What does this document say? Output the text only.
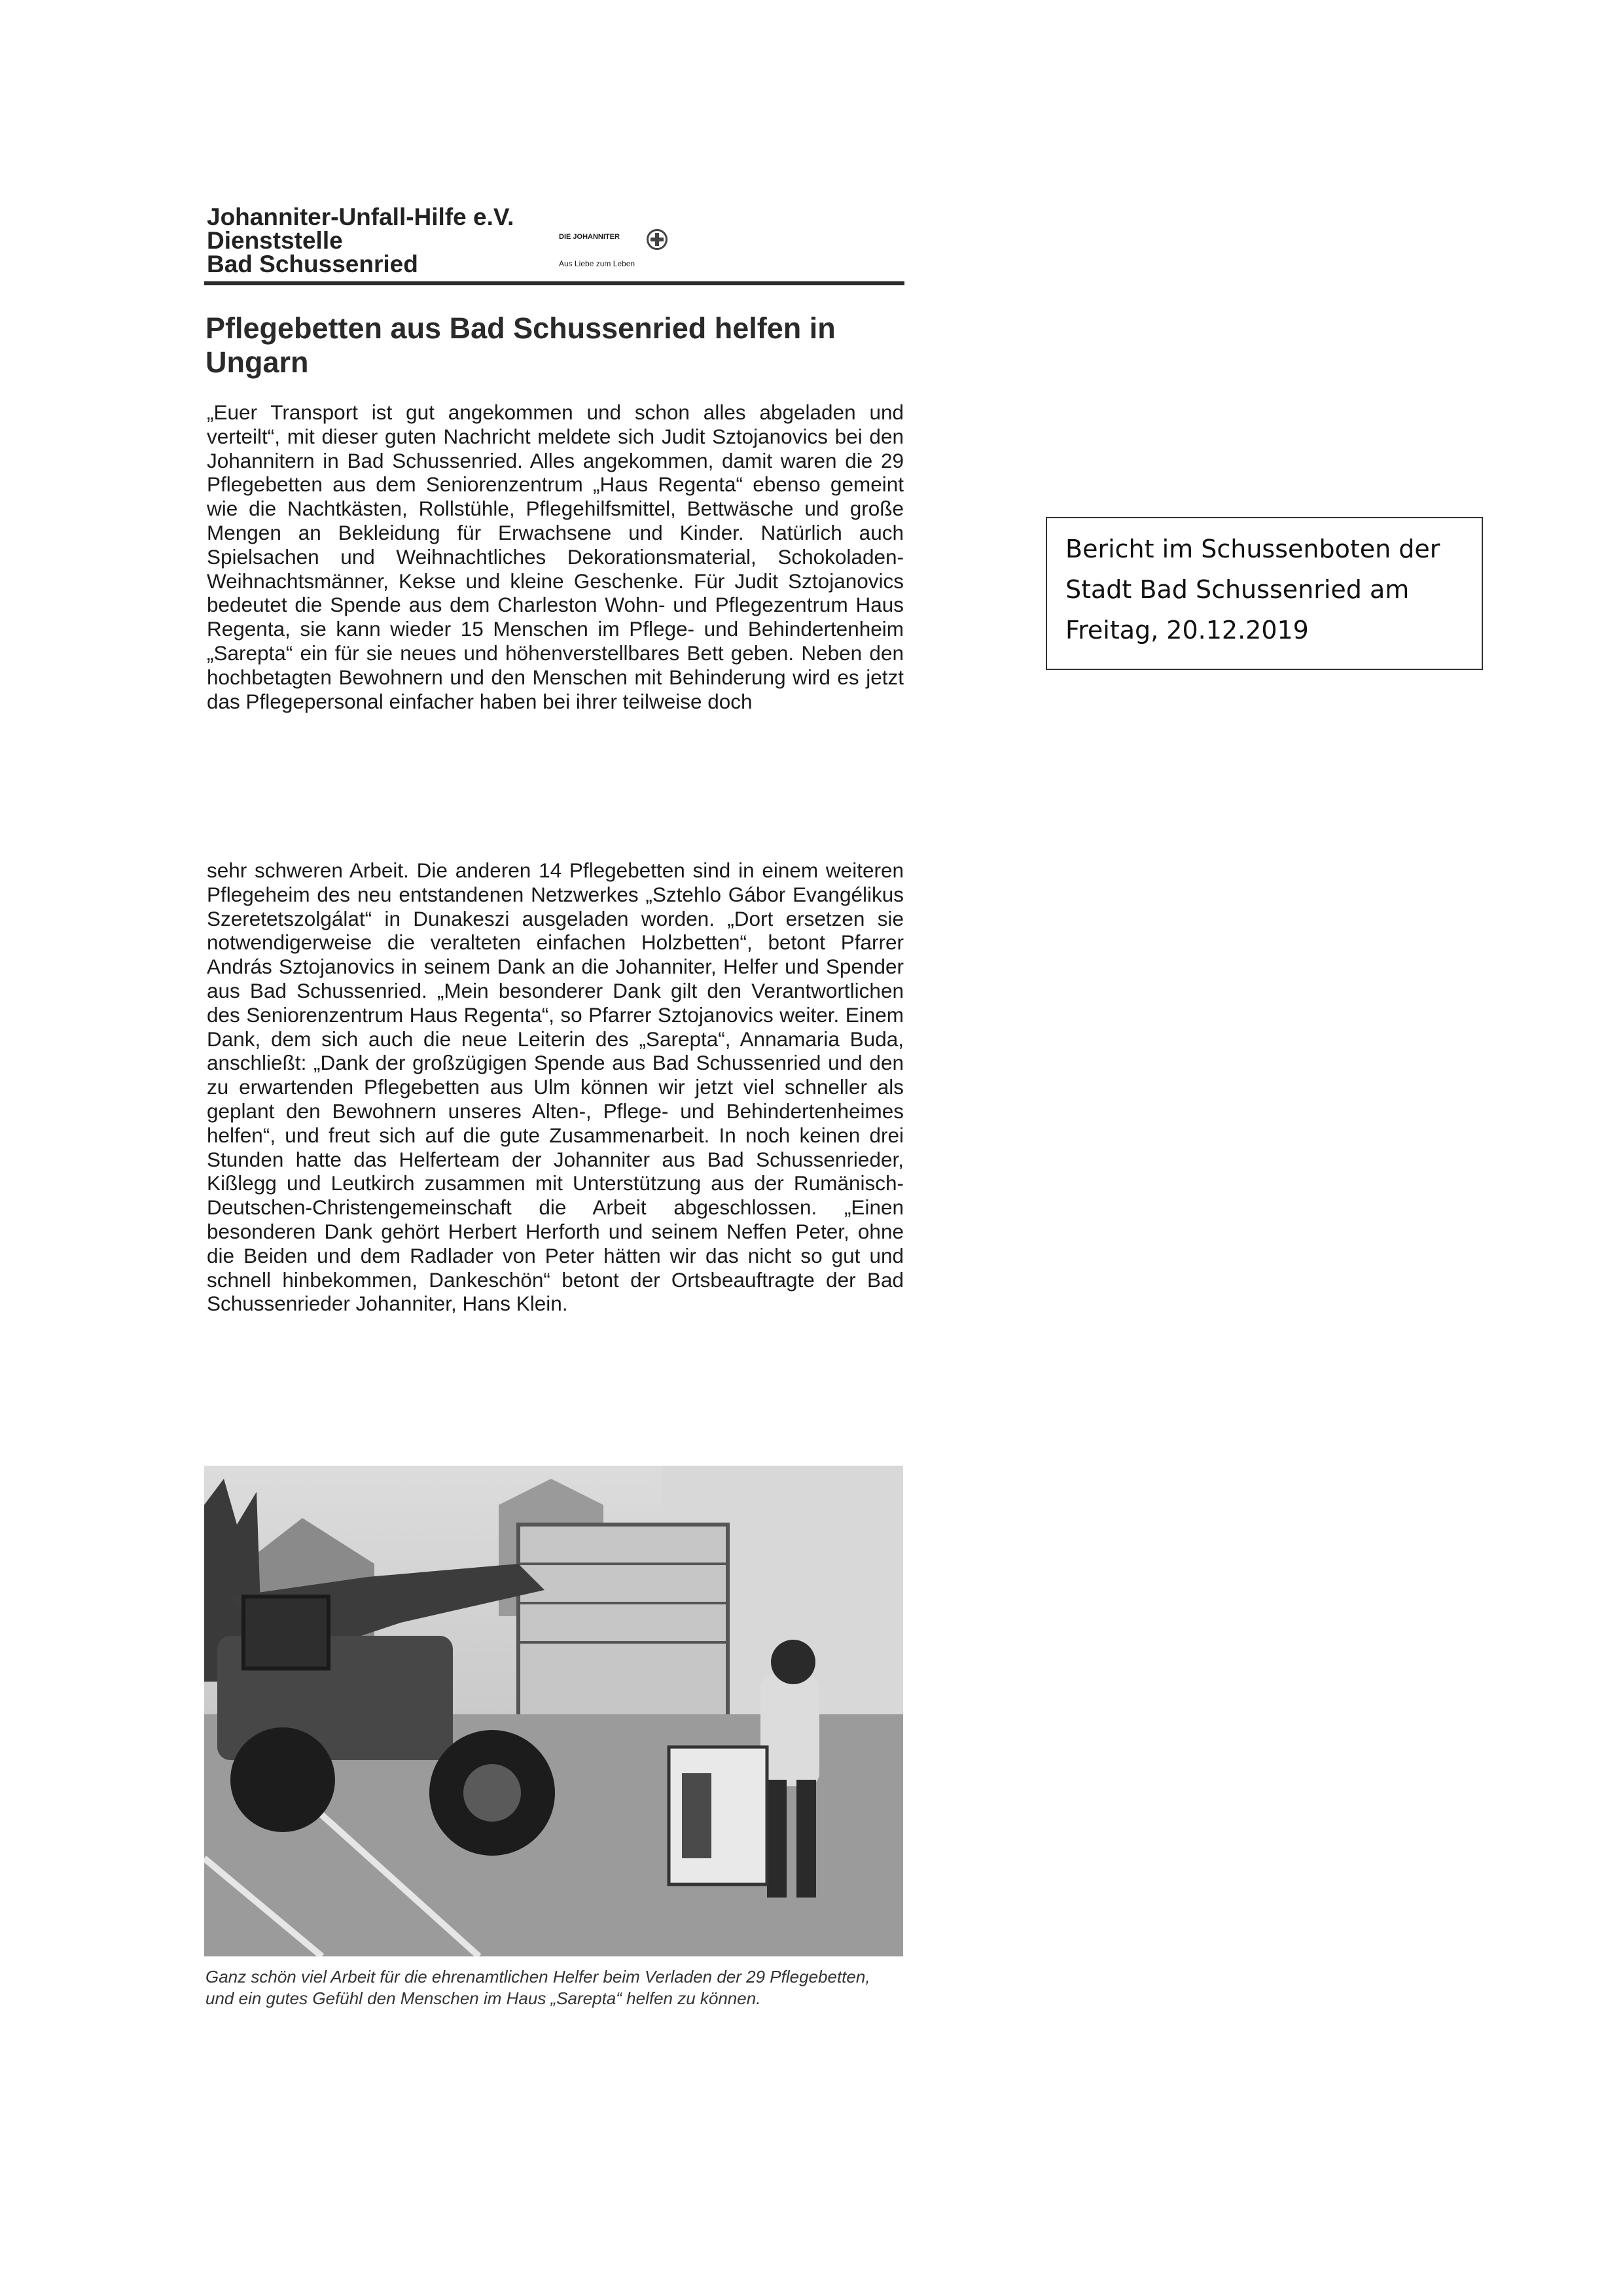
Johanniter-Unfall-Hilfe e.V.
Dienststelle
Bad Schussenried
DIE JOHANNITER
Aus Liebe zum Leben
Pflegebetten aus Bad Schussenried helfen in Ungarn

„Euer Transport ist gut angekommen und schon alles abgeladen und verteilt“, mit dieser guten Nachricht meldete sich Judit Sztojanovics bei den Johannitern in Bad Schussenried. Alles angekommen, damit waren die 29 Pflegebetten aus dem Seniorenzentrum „Haus Regenta“ ebenso gemeint wie die Nachtkästen, Rollstühle, Pflegehilfsmittel, Bettwäsche und große Mengen an Bekleidung für Erwachsene und Kinder. Natürlich auch Spielsachen und Weihnachtliches Dekorationsmaterial, Schokoladen-Weihnachtsmänner, Kekse und kleine Geschenke. Für Judit Sztojanovics bedeutet die Spende aus dem Charleston Wohn- und Pflegezentrum Haus Regenta, sie kann wieder 15 Menschen im Pflege- und Behindertenheim „Sarepta“ ein für sie neues und höhenverstellbares Bett geben. Neben den hochbetagten Bewohnern und den Menschen mit Behinderung wird es jetzt das Pflegepersonal einfacher haben bei ihrer teilweise doch

sehr schweren Arbeit. Die anderen 14 Pflegebetten sind in einem weiteren Pflegeheim des neu entstandenen Netzwerkes „Sztehlo Gábor Evangélikus Szeretetszolgálat“ in Dunakeszi ausgeladen worden. „Dort ersetzen sie notwendigerweise die veralteten einfachen Holzbetten“, betont Pfarrer András Sztojanovics in seinem Dank an die Johanniter, Helfer und Spender aus Bad Schussenried. „Mein besonderer Dank gilt den Verantwortlichen des Seniorenzentrum Haus Regenta“, so Pfarrer Sztojanovics weiter. Einem Dank, dem sich auch die neue Leiterin des „Sarepta“, Annamaria Buda, anschließt: „Dank der großzügigen Spende aus Bad Schussenried und den zu erwartenden Pflegebetten aus Ulm können wir jetzt viel schneller als geplant den Bewohnern unseres Alten-, Pflege- und Behindertenheimes helfen“, und freut sich auf die gute Zusammenarbeit. In noch keinen drei Stunden hatte das Helferteam der Johanniter aus Bad Schussenrieder, Kißlegg und Leutkirch zusammen mit Unterstützung aus der Rumänisch-Deutschen-Christengemeinschaft die Arbeit abgeschlossen. „Einen besonderen Dank gehört Herbert Herforth und seinem Neffen Peter, ohne die Beiden und dem Radlader von Peter hätten wir das nicht so gut und schnell hinbekommen, Dankeschön“ betont der Ortsbeauftragte der Bad Schussenrieder Johanniter, Hans Klein.

Ganz schön viel Arbeit für die ehrenamtlichen Helfer beim Verladen der 29 Pflegebetten, und ein gutes Gefühl den Menschen im Haus „Sarepta“ helfen zu können.
Bericht im Schussenboten der Stadt Bad Schussenried am Freitag, 20.12.2019
